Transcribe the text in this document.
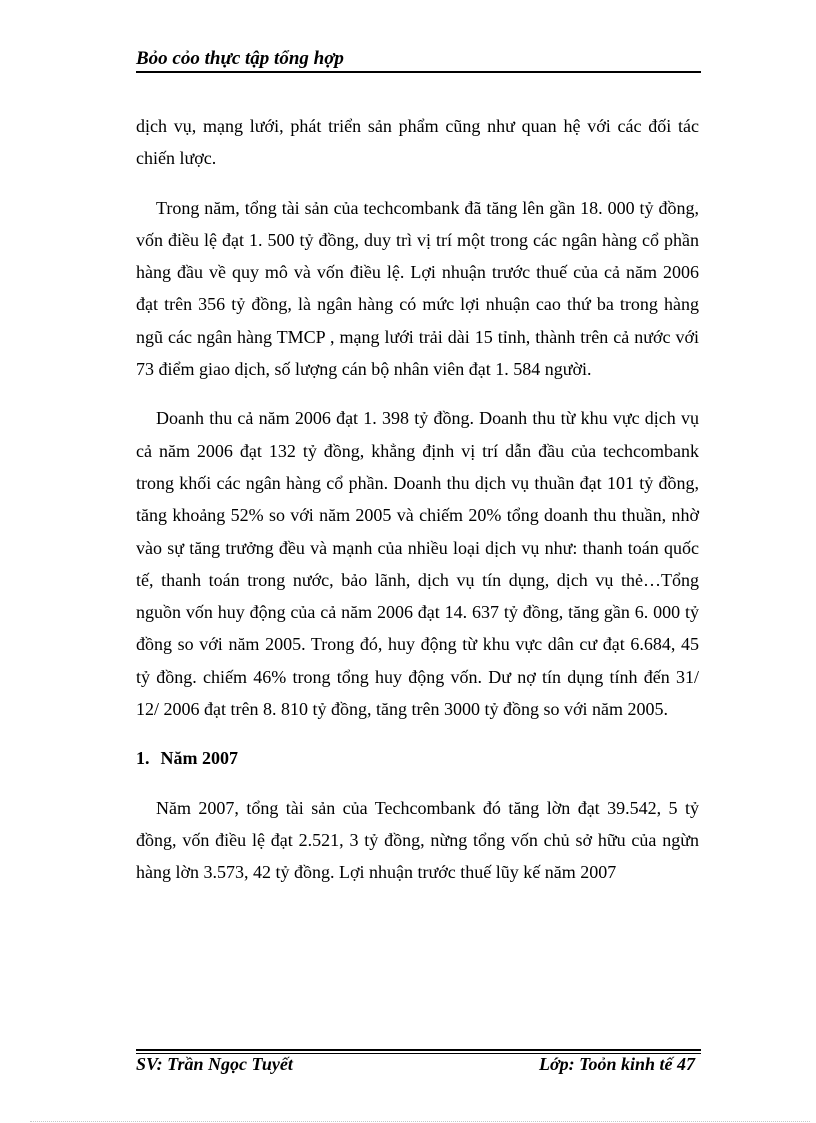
Bỏo cỏo thực tập tổng hợp

dịch vụ, mạng lưới, phát triển sản phẩm cũng như quan hệ với các đối tác chiến lược.

Trong năm, tổng tài sản của techcombank đã tăng lên gần 18. 000 tỷ đồng, vốn điều lệ đạt 1. 500 tỷ đồng, duy trì vị trí một trong các ngân hàng cổ phần hàng đầu về quy mô và vốn điều lệ. Lợi nhuận trước thuế của cả năm 2006 đạt trên 356 tỷ đồng, là ngân hàng có mức lợi nhuận cao thứ ba trong hàng ngũ các ngân hàng TMCP , mạng lưới trải dài 15 tỉnh, thành trên cả nước với 73 điểm giao dịch, số lượng cán bộ nhân viên đạt 1. 584 người.

Doanh thu cả năm 2006 đạt 1. 398 tỷ đồng. Doanh thu từ khu vực dịch vụ cả năm 2006 đạt 132 tỷ đồng, khẳng định vị trí dẫn đầu của techcombank trong khối các ngân hàng cổ phần. Doanh thu dịch vụ thuần đạt 101 tỷ đồng, tăng khoảng 52% so với năm 2005 và chiếm 20% tổng doanh thu thuần, nhờ vào sự tăng trưởng đều và mạnh của nhiều loại dịch vụ như: thanh toán quốc tế, thanh toán trong nước, bảo lãnh, dịch vụ tín dụng, dịch vụ thẻ…Tổng nguồn vốn huy động của cả năm 2006 đạt 14. 637 tỷ đồng, tăng gần 6. 000 tỷ đồng so với năm 2005. Trong đó, huy động từ khu vực dân cư đạt 6.684, 45 tỷ đồng. chiếm 46% trong tổng huy động vốn. Dư nợ tín dụng tính đến 31/ 12/ 2006 đạt trên 8. 810 tỷ đồng, tăng trên 3000 tỷ đồng so với năm 2005.

1. Năm 2007

Năm 2007, tổng tài sản của Techcombank đó tăng lờn đạt 39.542, 5 tỷ đồng, vốn điều lệ đạt 2.521, 3 tỷ đồng, nừng tổng vốn chủ sở hữu của ngừn hàng lờn 3.573, 42 tỷ đồng. Lợi nhuận trước thuế lũy kế năm 2007

SV: Trần Ngọc Tuyết	Lớp: Toỏn kinh tế 47
